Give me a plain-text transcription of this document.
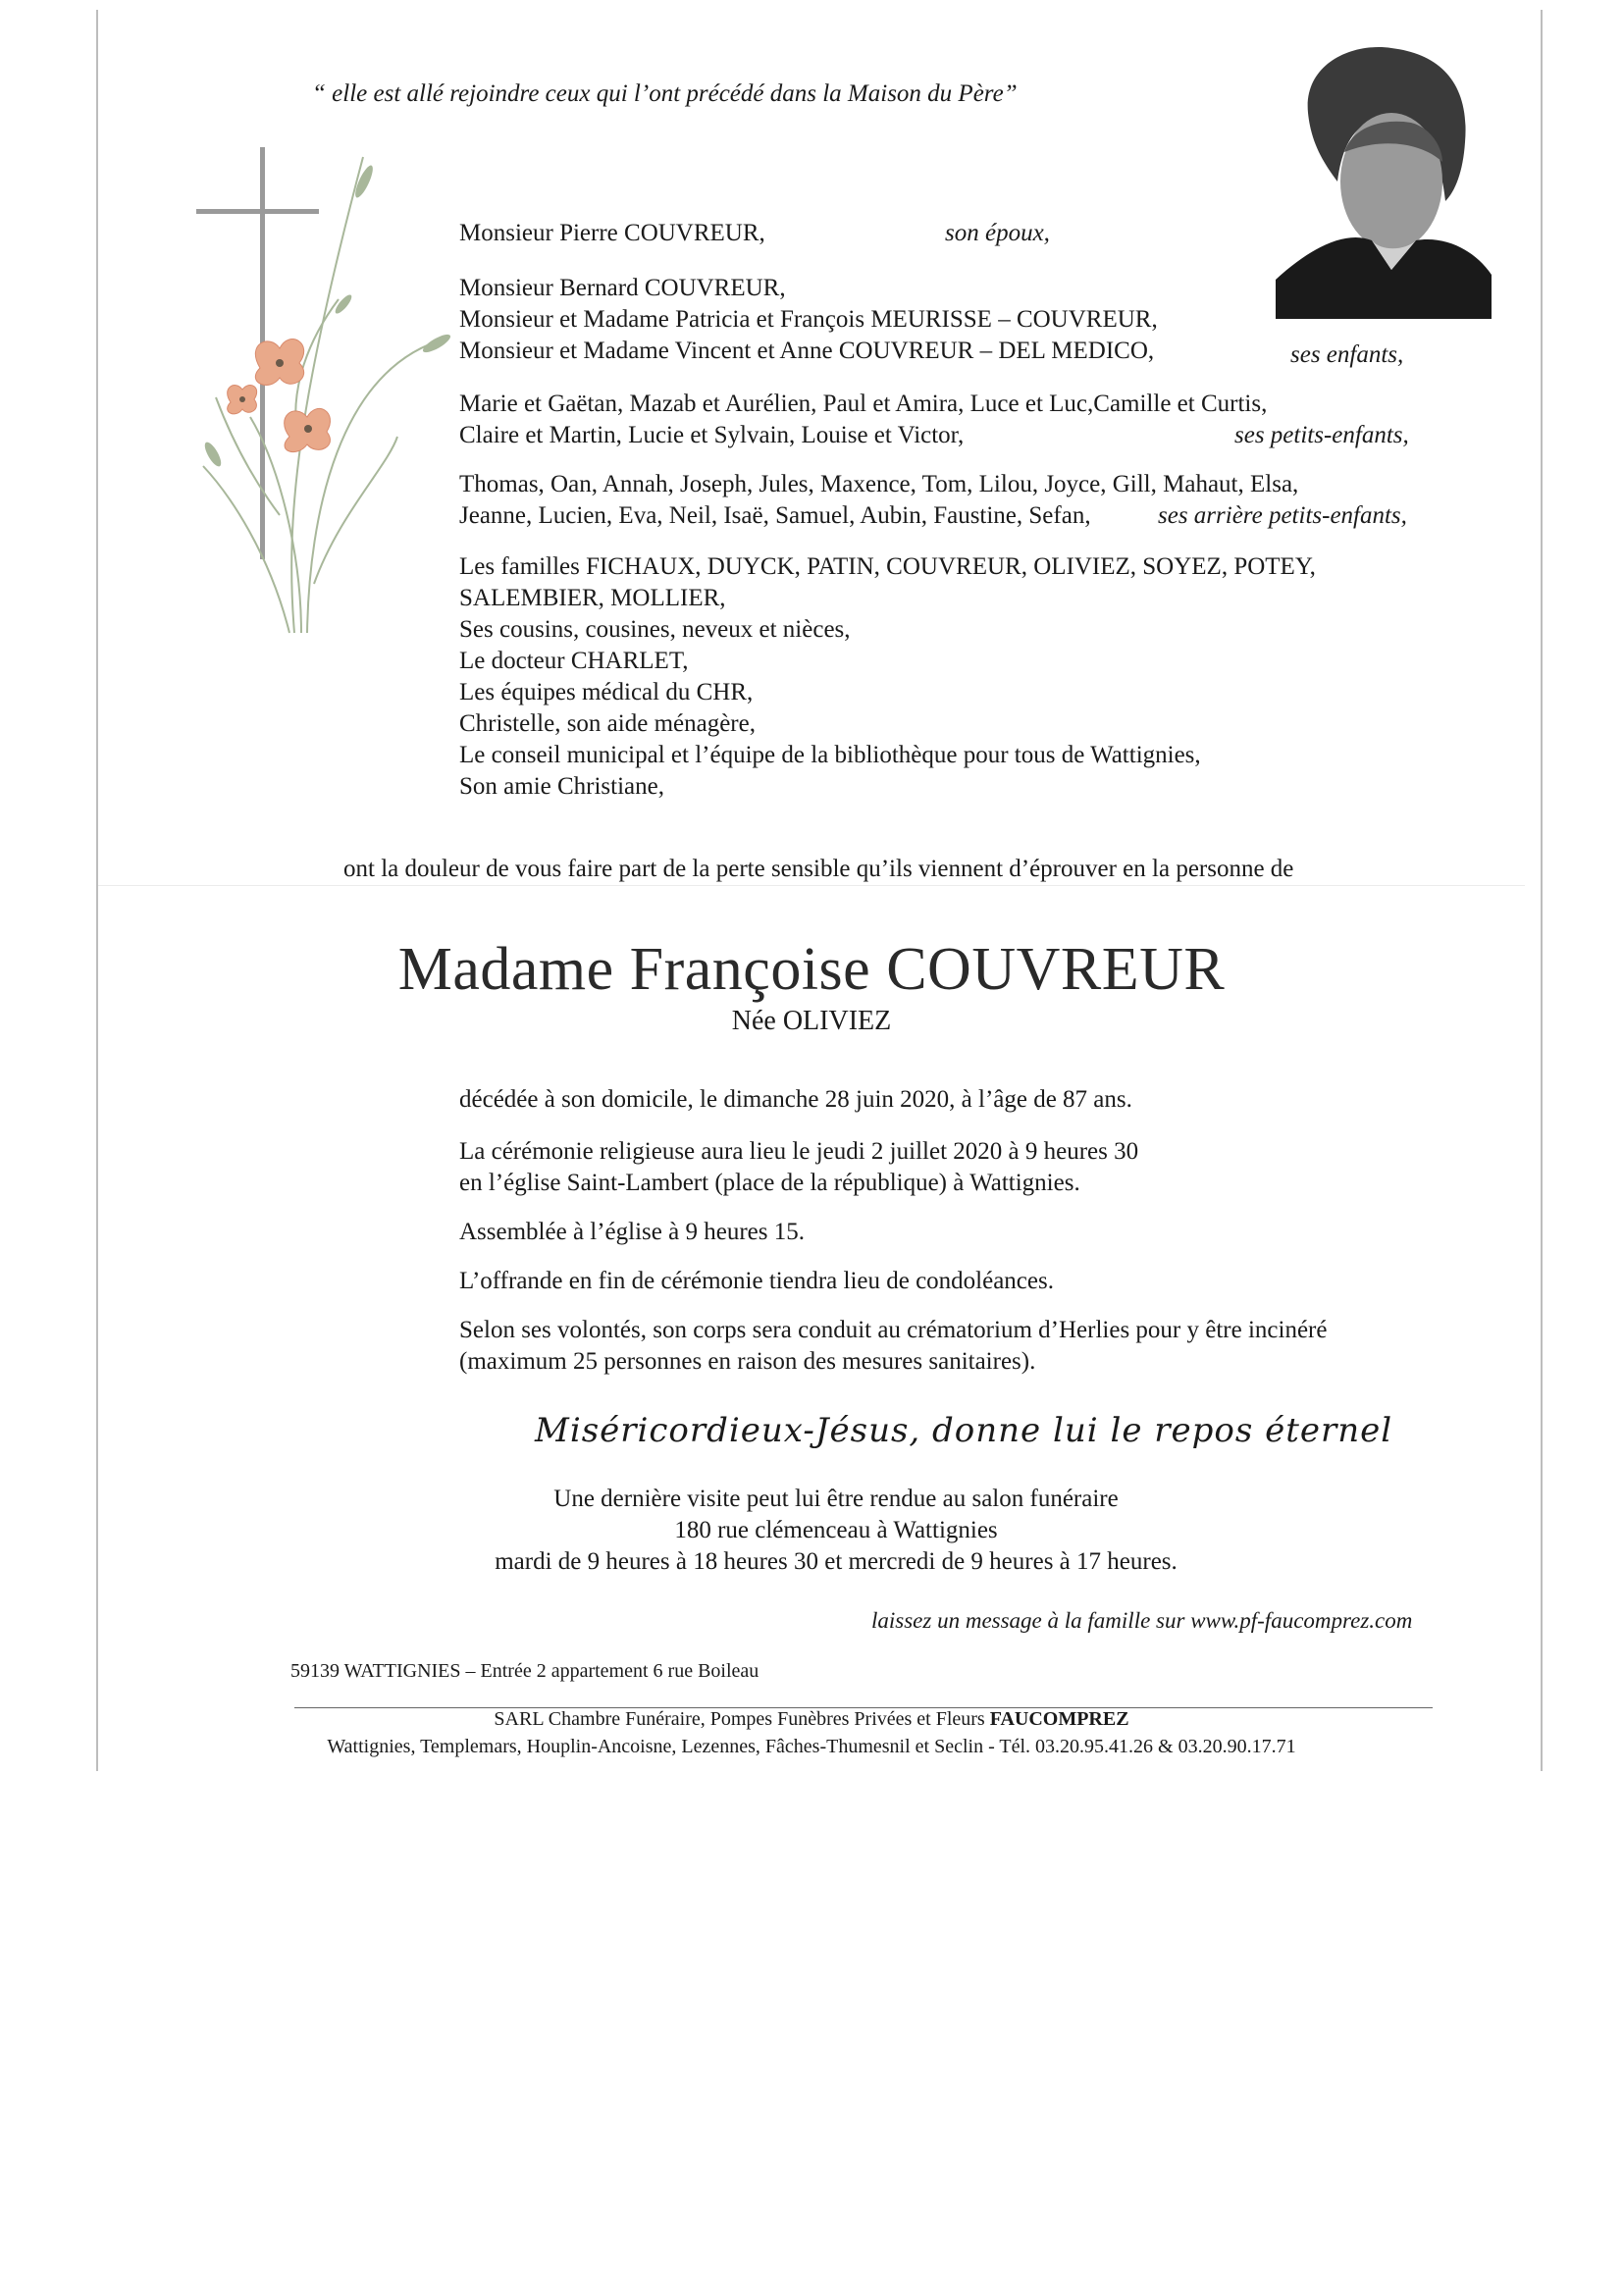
“ elle est allé rejoindre ceux qui l’ont précédé dans la Maison du Père”
Monsieur Pierre COUVREUR,	son époux,
Monsieur Bernard COUVREUR,
Monsieur et Madame Patricia et François MEURISSE – COUVREUR,
Monsieur et Madame Vincent et Anne COUVREUR – DEL MEDICO,	ses enfants,
Marie et Gaëtan, Mazab et Aurélien, Paul et Amira, Luce et Luc,Camille et Curtis,
Claire et Martin, Lucie et Sylvain, Louise et Victor,	ses petits-enfants,
Thomas, Oan, Annah, Joseph, Jules, Maxence, Tom, Lilou, Joyce, Gill, Mahaut, Elsa,
Jeanne, Lucien, Eva, Neil, Isaë, Samuel, Aubin, Faustine, Sefan,	ses arrière petits-enfants,
Les familles FICHAUX, DUYCK, PATIN, COUVREUR, OLIVIEZ, SOYEZ, POTEY,
SALEMBIER, MOLLIER,
Ses cousins, cousines, neveux et nièces,
Le docteur CHARLET,
Les équipes médical du CHR,
Christelle, son aide ménagère,
Le conseil municipal et l’équipe de la bibliothèque pour tous de Wattignies,
Son amie Christiane,
ont la douleur de vous faire part de la perte sensible qu’ils viennent d’éprouver en la personne de
Madame Françoise COUVREUR
Née OLIVIEZ
décédée à son domicile, le dimanche 28 juin 2020, à l’âge de 87 ans.
La cérémonie religieuse aura lieu le jeudi 2 juillet 2020 à 9 heures 30
en l’église Saint-Lambert (place de la république) à Wattignies.
Assemblée à l’église à 9 heures 15.
L’offrande en fin de cérémonie tiendra lieu de condoléances.
Selon ses volontés, son corps sera conduit au crématorium d’Herlies pour y être incinéré
(maximum 25 personnes en raison des mesures sanitaires).
Miséricordieux-Jésus, donne lui le repos éternel
Une dernière visite peut lui être rendue au salon funéraire
180 rue clémenceau à Wattignies
mardi de 9 heures à 18 heures 30 et mercredi de 9 heures à 17 heures.
laissez un message à la famille sur www.pf-faucomprez.com
59139 WATTIGNIES – Entrée 2 appartement 6 rue Boileau
SARL Chambre Funéraire, Pompes Funèbres Privées et Fleurs FAUCOMPREZ
Wattignies, Templemars, Houplin-Ancoisne, Lezennes, Fâches-Thumesnil et Seclin - Tél. 03.20.95.41.26 & 03.20.90.17.71
